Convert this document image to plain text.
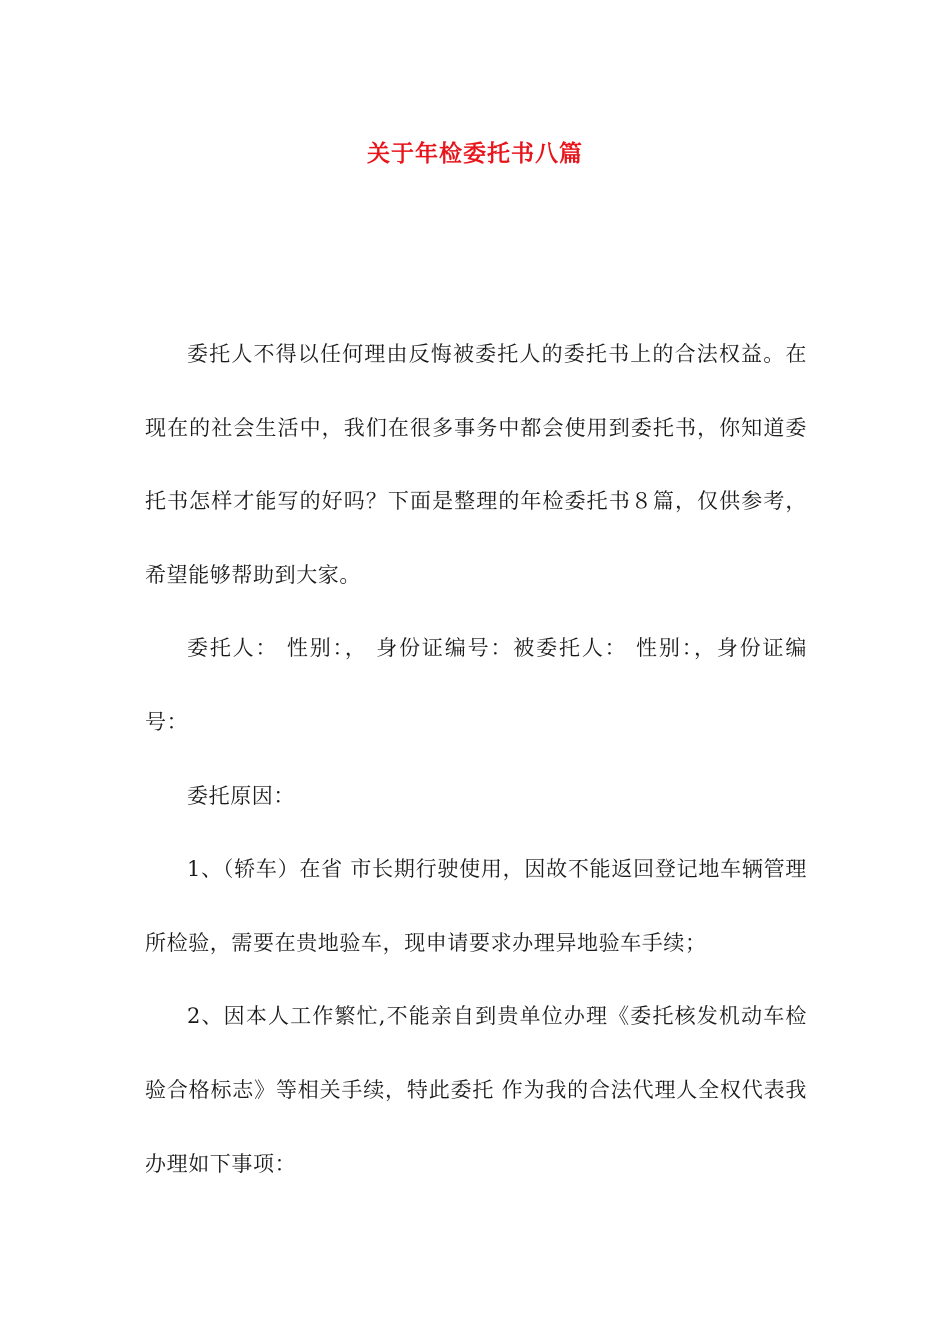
关于年检委托书八篇

委托人不得以任何理由反悔被委托人的委托书上的合法权益。在现在的社会生活中，我们在很多事务中都会使用到委托书，你知道委托书怎样才能写的好吗？下面是整理的年检委托书８篇，仅供参考，希望能够帮助到大家。

委托人： 性别：， 身份证编号：被委托人： 性别：，身份证编号：

委托原因：

1、（轿车）在省 市长期行驶使用，因故不能返回登记地车辆管理所检验，需要在贵地验车，现申请要求办理异地验车手续；

2、因本人工作繁忙,不能亲自到贵单位办理《委托核发机动车检验合格标志》等相关手续，特此委托 作为我的合法代理人全权代表我办理如下事项：
